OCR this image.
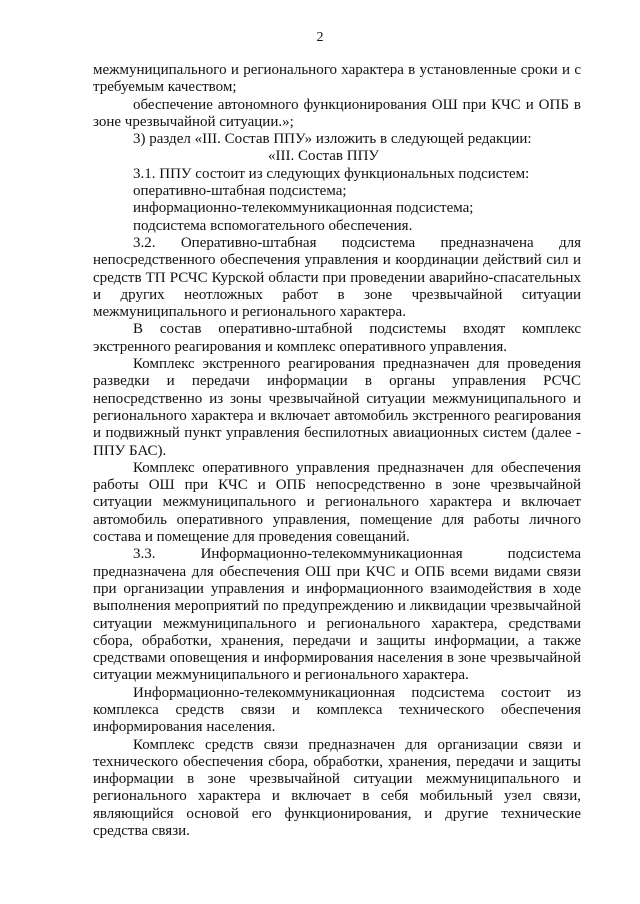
2

межмуниципального и регионального характера в установленные сроки и с требуемым качеством;

обеспечение автономного функционирования ОШ при КЧС и ОПБ в зоне чрезвычайной ситуации.»;

3) раздел «III. Состав ППУ» изложить в следующей редакции:

«III. Состав ППУ

3.1. ППУ состоит из следующих функциональных подсистем:

оперативно-штабная подсистема;

информационно-телекоммуникационная подсистема;

подсистема вспомогательного обеспечения.

3.2. Оперативно-штабная подсистема предназначена для непосредственного обеспечения управления и координации действий сил и средств ТП РСЧС Курской области при проведении аварийно-спасательных и других неотложных работ в зоне чрезвычайной ситуации межмуниципального и регионального характера.

В состав оперативно-штабной подсистемы входят комплекс экстренного реагирования и комплекс оперативного управления.

Комплекс экстренного реагирования предназначен для проведения разведки и передачи информации в органы управления РСЧС непосредственно из зоны чрезвычайной ситуации межмуниципального и регионального характера и включает автомобиль экстренного реагирования и подвижный пункт управления беспилотных авиационных систем (далее - ППУ БАС).

Комплекс оперативного управления предназначен для обеспечения работы ОШ при КЧС и ОПБ непосредственно в зоне чрезвычайной ситуации межмуниципального и регионального характера и включает автомобиль оперативного управления, помещение для работы личного состава и помещение для проведения совещаний.

3.3. Информационно-телекоммуникационная подсистема предназначена для обеспечения ОШ при КЧС и ОПБ всеми видами связи при организации управления и информационного взаимодействия в ходе выполнения мероприятий по предупреждению и ликвидации чрезвычайной ситуации межмуниципального и регионального характера, средствами сбора, обработки, хранения, передачи и защиты информации, а также средствами оповещения и информирования населения в зоне чрезвычайной ситуации межмуниципального и регионального характера.

Информационно-телекоммуникационная подсистема состоит из комплекса средств связи и комплекса технического обеспечения информирования населения.

Комплекс средств связи предназначен для организации связи и технического обеспечения сбора, обработки, хранения, передачи и защиты информации в зоне чрезвычайной ситуации межмуниципального и регионального характера и включает в себя мобильный узел связи, являющийся основой его функционирования, и другие технические средства связи.
